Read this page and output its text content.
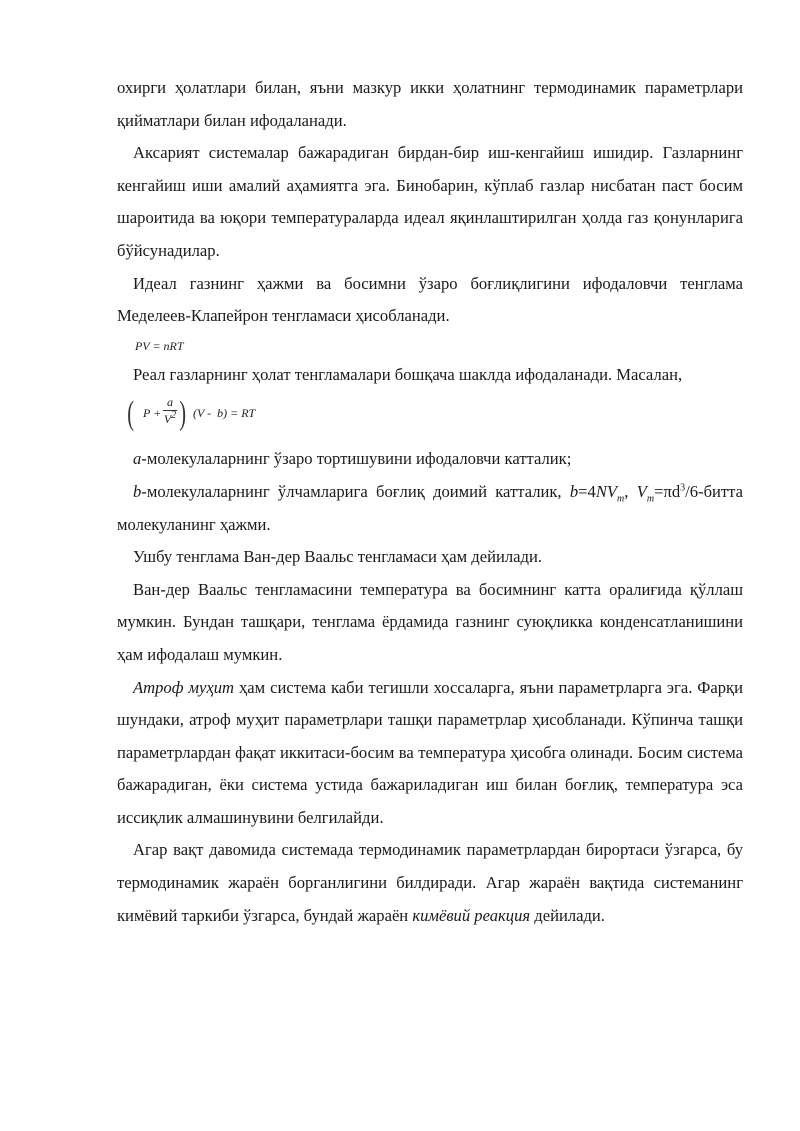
охирги ҳолатлари билан, яъни мазкур икки ҳолатнинг термодинамик параметрлари қийматлари билан ифодаланади.

Аксарият системалар бажарадиган бирдан-бир иш-кенгайиш ишидир. Газларнинг кенгайиш иши амалий аҳамиятга эга. Бинобарин, кўплаб газлар нисбатан паст босим шароитида ва юқори температураларда идеал яқинлаштирилган ҳолда газ қонунларига бўйсунадилар.

Идеал газнинг ҳажми ва босимни ўзаро боғлиқлигини ифодаловчи тенглама Меделеев-Клапейрон тенгламаси ҳисобланади.

PV = nRT

Реал газларнинг ҳолат тенгламалари бошқача шаклда ифодаланади. Масалан,

( P +
a
$V^2$ ) (V -  b) = RT

a-молекулаларнинг ўзаро тортишувини ифодаловчи катталик;

b-молекулаларнинг ўлчамларига боғлиқ доимий катталик, $b=4NV_m$, $V_m=\pi d^3/6$-битта молекуланинг ҳажми.

Ушбу тенглама Ван-дер Ваальс тенгламаси ҳам дейилади.

Ван-дер Ваальс тенгламасини температура ва босимнинг катта оралиғида қўллаш мумкин. Бундан ташқари, тенглама ёрдамида газнинг суюқликка конденсатланишини ҳам ифодалаш мумкин.

Атроф муҳит ҳам система каби тегишли хоссаларга, яъни параметрларга эга. Фарқи шундаки, атроф муҳит параметрлари ташқи параметрлар ҳисобланади. Кўпинча ташқи параметрлардан фақат иккитаси-босим ва температура ҳисобга олинади. Босим система бажарадиган, ёки система устида бажариладиган иш билан боғлиқ, температура эса иссиқлик алмашинувини белгилайди.

Агар вақт давомида системада термодинамик параметрлардан бирортаси ўзгарса, бу термодинамик жараён борганлигини билдиради. Агар жараён вақтида системанинг кимёвий таркиби ўзгарса, бундай жараён кимёвий реакция дейилади.
